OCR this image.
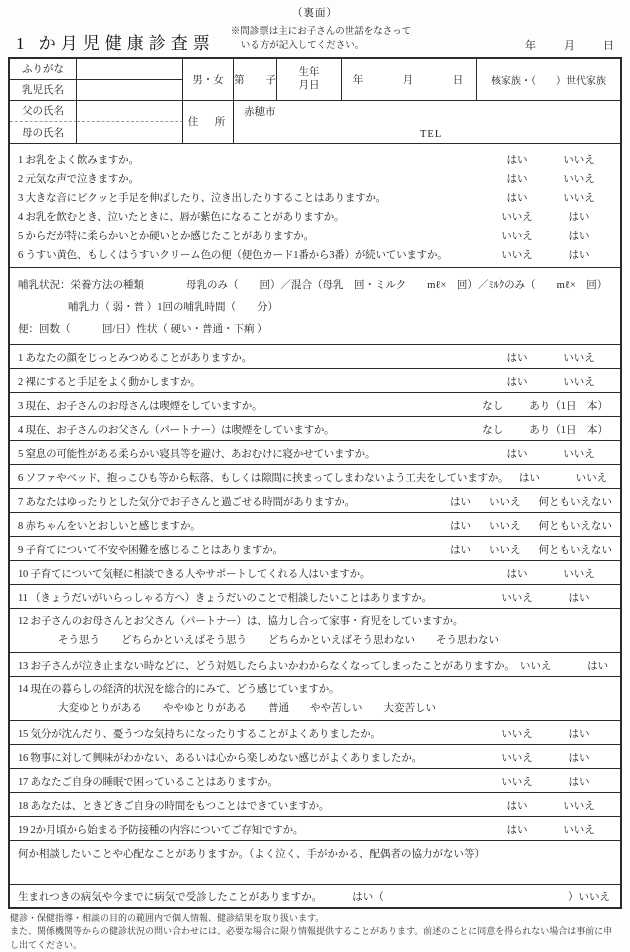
（裏面）
1 か月児健康診査票
※問診票は主にお子さんの世話をなさって
いる方が記入してください。	年　　月　　日
ふりがな
乳児氏名
男・女 第　　子
生年月日	年　　　月　　　日	核家族・（　　）世代家族
父の氏名
母の氏名
住　所
赤穂市
TEL
1 お乳をよく飲みますか。	はい	いいえ
2 元気な声で泣きますか。	はい	いいえ
3 大きな音にビクッと手足を伸ばしたり、泣き出したりすることはありますか。	はい	いいえ
4 お乳を飲むとき、泣いたときに、唇が紫色になることがありますか。	いいえ	はい
5 からだが特に柔らかいとか硬いとか感じたことがありますか。	いいえ	はい
6 うすい黄色、もしくはうすいクリーム色の便（便色カード1番から3番）が続いていますか。	いいえ	はい
哺乳状況：栄養方法の種類　　　　母乳のみ（　　回）／混合（母乳　回・ミルク　　mℓ×　回）／ﾐﾙｸのみ（　　mℓ×　回）
哺乳力（ 弱・普 ）1回の哺乳時間（　　分）
便：回数（　　　回/日）性状（ 硬い・普通・下痢 ）
1 あなたの顔をじっとみつめることがありますか。	はい	いいえ
2 裸にすると手足をよく動かしますか。	はい	いいえ
3 現在、お子さんのお母さんは喫煙をしていますか。	なし あり（1日　本）
4 現在、お子さんのお父さん（パートナー）は喫煙をしていますか。	なし あり（1日　本）
5 窒息の可能性がある柔らかい寝具等を避け、あおむけに寝かせていますか。	はい	いいえ
6 ソファやベッド、抱っこひも等から転落、もしくは隙間に挟まってしまわないよう工夫をしていますか。	はい	いいえ
7 あなたはゆったりとした気分でお子さんと過ごせる時間がありますか。	はい いいえ 何ともいえない
8 赤ちゃんをいとおしいと感じますか。	はい いいえ 何ともいえない
9 子育てについて不安や困難を感じることはありますか。	はい いいえ 何ともいえない
10 子育てについて気軽に相談できる人やサポートしてくれる人はいますか。	はい	いいえ
11 （きょうだいがいらっしゃる方へ）きょうだいのことで相談したいことはありますか。	いいえ	はい
12 お子さんのお母さんとお父さん（パートナー）は、協力し合って家事・育児をしていますか。
そう思う　　どちらかといえばそう思う　　どちらかといえばそう思わない　　そう思わない
13 お子さんが泣き止まない時などに、どう対処したらよいかわからなくなってしまったことがありますか。 いいえ	はい
14 現在の暮らしの経済的状況を総合的にみて、どう感じていますか。
大変ゆとりがある　　ややゆとりがある　　普通　　やや苦しい　　大変苦しい
15 気分が沈んだり、憂うつな気持ちになったりすることがよくありましたか。	いいえ	はい
16 物事に対して興味がわかない、あるいは心から楽しめない感じがよくありましたか。	いいえ	はい
17 あなたご自身の睡眠で困っていることはありますか。	いいえ	はい
18 あなたは、ときどきご自身の時間をもつことはできていますか。	はい	いいえ
19 2か月頃から始まる予防接種の内容についてご存知ですか。	はい	いいえ
何か相談したいことや心配なことがありますか。（よく泣く、手がかかる、配偶者の協力がない等）
生まれつきの病気や今までに病気で受診したことがありますか。	はい（	）いいえ
健診・保健指導・相談の目的の範囲内で個人情報、健診結果を取り扱います。
また、関係機関等からの健診状況の問い合わせには、必要な場合に限り情報提供することがあります。前述のことに同意を得られない場合は事前に申し出てください。
